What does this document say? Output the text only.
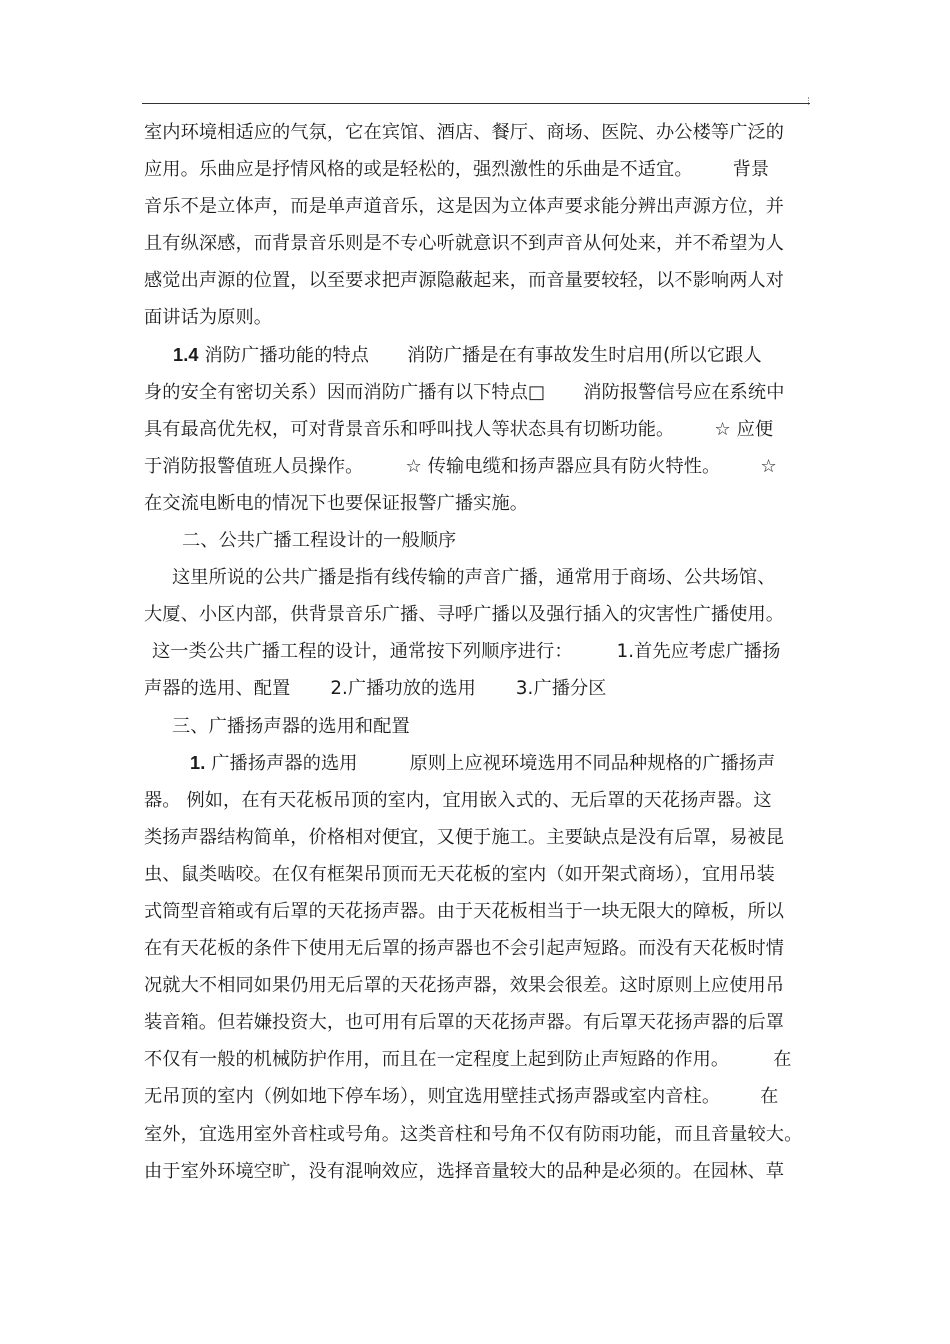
室内环境相适应的气氛，它在宾馆、酒店、餐厅、商场、医院、办公楼等广泛的
应用。乐曲应是抒情风格的或是轻松的，强烈激性的乐曲是不适宜。 背景
音乐不是立体声，而是单声道音乐，这是因为立体声要求能分辨出声源方位，并
且有纵深感，而背景音乐则是不专心听就意识不到声音从何处来，并不希望为人
感觉出声源的位置，以至要求把声源隐蔽起来，而音量要较轻，以不影响两人对
面讲话为原则。
1.4 消防广播功能的特点 消防广播是在有事故发生时启用(所以它跟人
身的安全有密切关系）因而消防广播有以下特点□ 消防报警信号应在系统中
具有最高优先权，可对背景音乐和呼叫找人等状态具有切断功能。 ☆ 应便
于消防报警值班人员操作。 ☆ 传输电缆和扬声器应具有防火特性。 ☆
在交流电断电的情况下也要保证报警广播实施。
二、公共广播工程设计的一般顺序
这里所说的公共广播是指有线传输的声音广播，通常用于商场、公共场馆、
大厦、小区内部，供背景音乐广播、寻呼广播以及强行插入的灾害性广播使用。
这一类公共广播工程的设计，通常按下列顺序进行： 1.首先应考虑广播扬
声器的选用、配置 2.广播功放的选用 3.广播分区
三、广播扬声器的选用和配置
1. 广播扬声器的选用	原则上应视环境选用不同品种规格的广播扬声
器。 例如，在有天花板吊顶的室内，宜用嵌入式的、无后罩的天花扬声器。这
类扬声器结构简单，价格相对便宜，又便于施工。主要缺点是没有后罩，易被昆
虫、鼠类啮咬。在仅有框架吊顶而无天花板的室内（如开架式商场），宜用吊装
式筒型音箱或有后罩的天花扬声器。由于天花板相当于一块无限大的障板，所以
在有天花板的条件下使用无后罩的扬声器也不会引起声短路。而没有天花板时情
况就大不相同如果仍用无后罩的天花扬声器，效果会很差。这时原则上应使用吊
装音箱。但若嫌投资大，也可用有后罩的天花扬声器。有后罩天花扬声器的后罩
不仅有一般的机械防护作用，而且在一定程度上起到防止声短路的作用。 在
无吊顶的室内（例如地下停车场），则宜选用壁挂式扬声器或室内音柱。 在
室外，宜选用室外音柱或号角。这类音柱和号角不仅有防雨功能，而且音量较大。
由于室外环境空旷，没有混响效应，选择音量较大的品种是必须的。在园林、草
